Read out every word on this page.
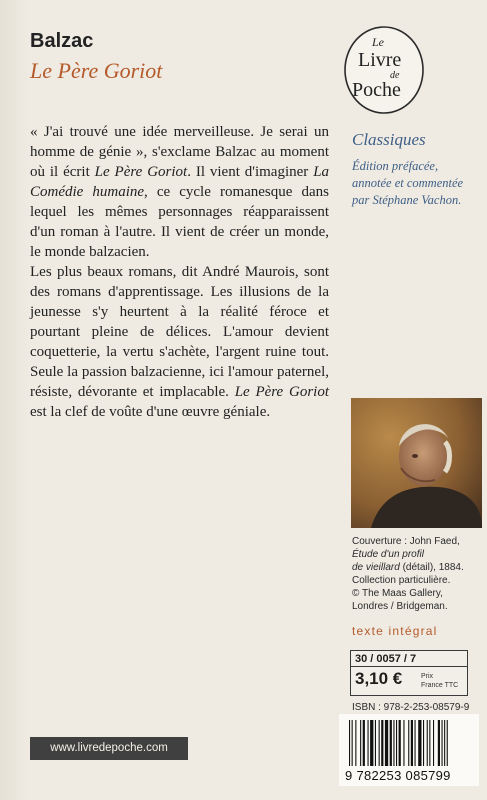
Balzac
Le Père Goriot
Le
Livre
de
Poche

« J'ai trouvé une idée merveilleuse. Je serai un homme de génie », s'exclame Balzac au moment où il écrit Le Père Goriot. Il vient d'imaginer La Comédie humaine, ce cycle romanesque dans lequel les mêmes personnages réapparaissent d'un roman à l'autre. Il vient de créer un monde, le monde balzacien.

Les plus beaux romans, dit André Maurois, sont des romans d'apprentissage. Les illusions de la jeunesse s'y heurtent à la réalité féroce et pourtant pleine de délices. L'amour devient coquetterie, la vertu s'achète, l'argent ruine tout. Seule la passion balzacienne, ici l'amour paternel, résiste, dévorante et implacable. Le Père Goriot est la clef de voûte d'une œuvre géniale.

Classiques
Édition préfacée, annotée et commentée par Stéphane Vachon.
Couverture : John Faed,
Étude d'un profil
de vieillard (détail), 1884.
Collection particulière.
© The Maas Gallery,
Londres / Bridgeman.
texte intégral
30 / 0057 / 7
3,10 €	Prix
France TTC
ISBN : 978-2-253-08579-9
www.livredepoche.com
9 782253 085799
